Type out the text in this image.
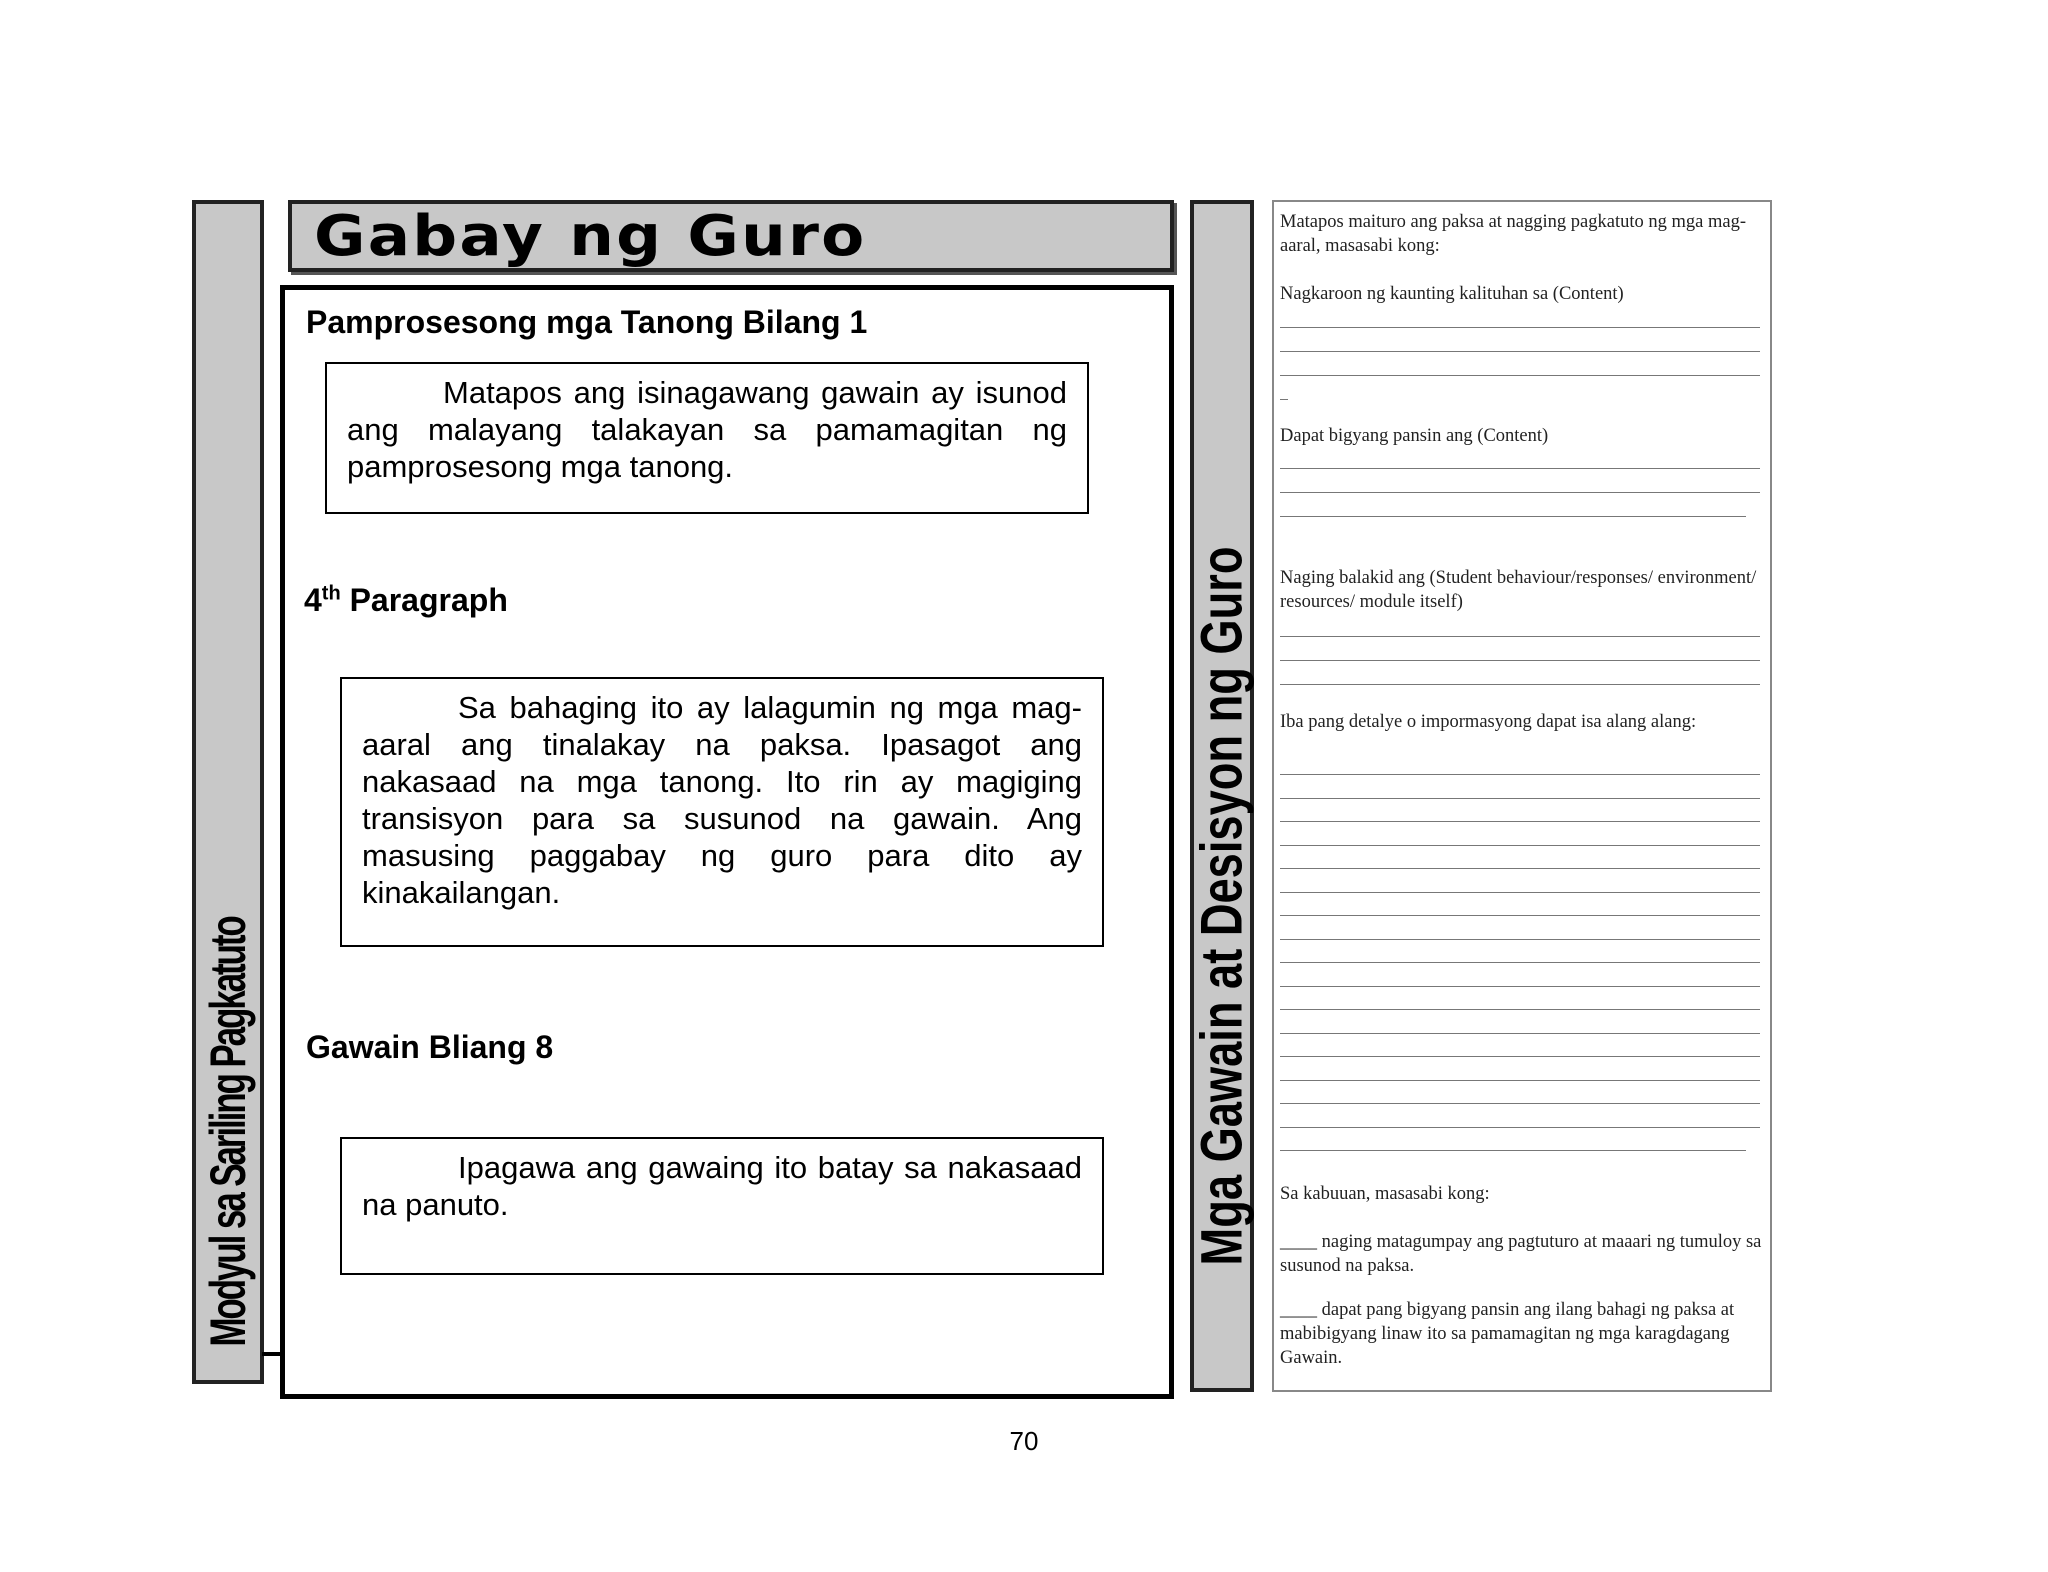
Modyul sa Sariling Pagkatuto
Gabay ng Guro
Pamprosesong mga Tanong Bilang 1

Matapos ang isinagawang gawain ay isunod ang malayang talakayan sa pamamagitan ng pamprosesong mga tanong.

4th Paragraph

Sa bahaging ito ay lalagumin ng mga mag-aaral ang tinalakay na paksa. Ipasagot ang nakasaad na mga tanong. Ito rin ay magiging transisyon para sa susunod na gawain. Ang masusing paggabay ng guro para dito ay kinakailangan.

Gawain Bliang 8

Ipagawa ang gawaing ito batay sa nakasaad na panuto.	Mga Gawain at Desisyon ng Guro
Matapos maituro ang paksa at nagging pagkatuto ng mga mag-aaral, masasabi kong:
Nagkaroon ng kaunting kalituhan sa (Content)
Dapat bigyang pansin ang (Content)
Naging balakid ang (Student behaviour/responses/ environment/ resources/ module itself)
Iba pang detalye o impormasyong dapat isa alang alang:
Sa kabuuan, masasabi kong:
____ naging matagumpay ang pagtuturo at maaari ng tumuloy sa susunod na paksa.
____ dapat pang bigyang pansin ang ilang bahagi ng paksa at mabibigyang linaw ito sa pamamagitan ng mga karagdagang Gawain.
70
